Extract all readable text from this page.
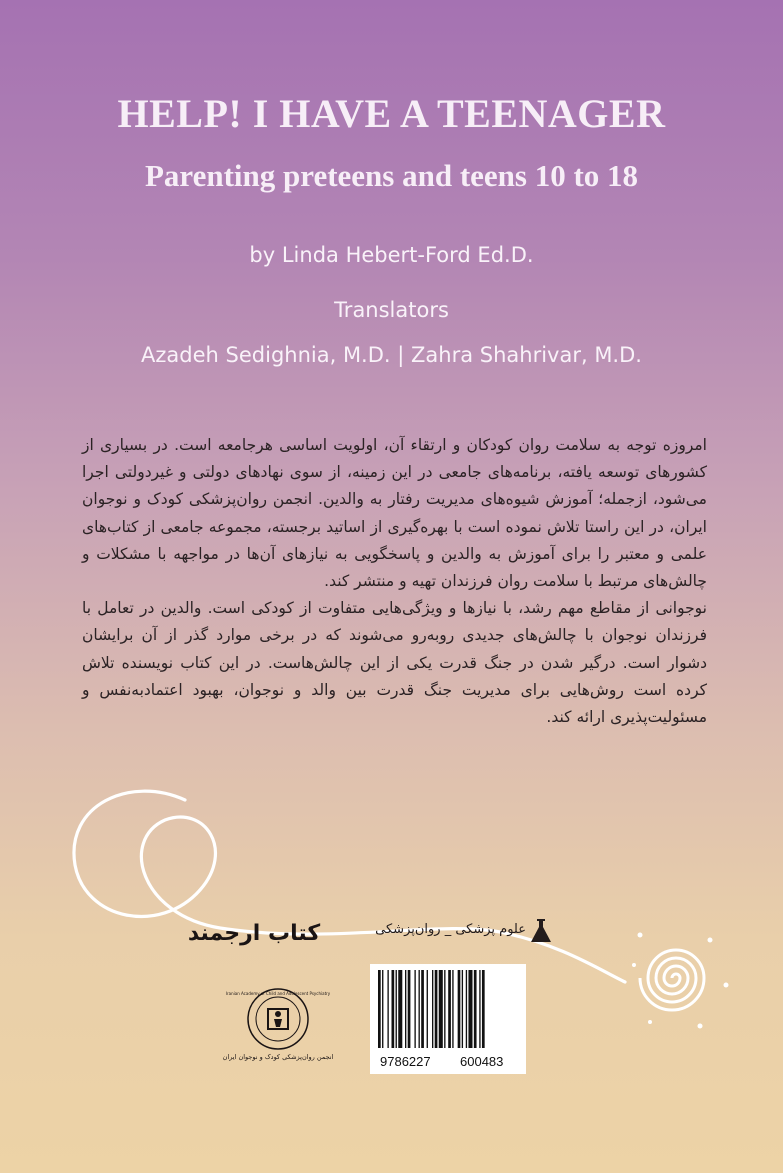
HELP! I HAVE A TEENAGER
Parenting preteens and teens 10 to 18
by Linda Hebert-Ford Ed.D.
Translators
Azadeh Sedighnia, M.D. | Zahra Shahrivar, M.D.

امروزه توجه به سلامت روان کودکان و ارتقاء آن، اولویت اساسی هرجامعه است. در بسیاری از کشورهای توسعه یافته، برنامه‌های جامعی در این زمینه، از سوی نهادهای دولتی و غیردولتی اجرا می‌شود، ازجمله؛ آموزش شیوه‌های مدیریت رفتار به والدین. انجمن روان‌پزشکی کودک و نوجوان ایران، در این راستا تلاش نموده است با بهره‌گیری از اساتید برجسته، مجموعه جامعی از کتاب‌های علمی و معتبر را برای آموزش به والدین و پاسخگویی به نیازهای آن‌ها در مواجهه با مشکلات و چالش‌های مرتبط با سلامت روان فرزندان تهیه و منتشر کند.

نوجوانی از مقاطع مهم رشد، با نیازها و ویژگی‌هایی متفاوت از کودکی است. والدین در تعامل با فرزندان نوجوان با چالش‌های جدیدی روبه‌رو می‌شوند که در برخی موارد گذر از آن برایشان دشوار است. درگیر شدن در جنگ قدرت یکی از این چالش‌هاست. در این کتاب نویسنده تلاش کرده است روش‌هایی برای مدیریت جنگ قدرت بین والد و نوجوان، بهبود اعتمادبه‌نفس و مسئولیت‌پذیری ارائه کند.

علوم پزشکی _ روان‌پزشکی
کتاب ارجمند
انجمن روان‌پزشکی کودک و نوجوان ایران
Iranian Academy of Child and Adolescent Psychiatry
9786227 600483
